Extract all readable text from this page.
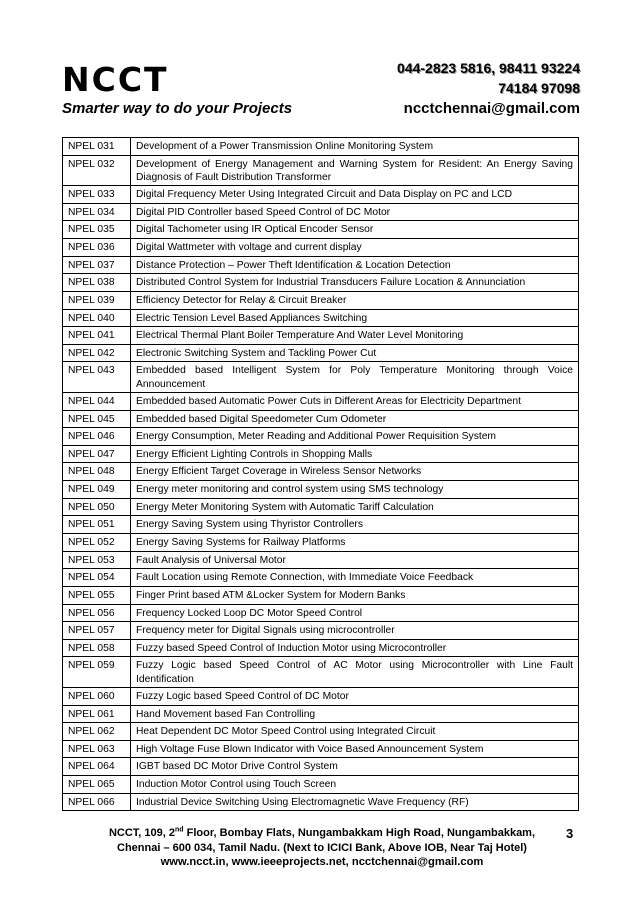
NCCT
Smarter way to do your Projects
044-2823 5816, 98411 93224
74184 97098
ncctchennai@gmail.com
NPEL 031	Development of a Power Transmission Online Monitoring System
NPEL 032	Development of Energy Management and Warning System for Resident: An Energy Saving Diagnosis of Fault Distribution Transformer
NPEL 033	Digital Frequency Meter Using Integrated Circuit and Data Display on PC and LCD
NPEL 034	Digital PID Controller based Speed Control of DC Motor
NPEL 035	Digital Tachometer using IR Optical Encoder Sensor
NPEL 036	Digital Wattmeter with voltage and current display
NPEL 037	Distance Protection – Power Theft Identification & Location Detection
NPEL 038	Distributed Control System for Industrial Transducers Failure Location & Annunciation
NPEL 039	Efficiency Detector for Relay & Circuit Breaker
NPEL 040	Electric Tension Level Based Appliances Switching
NPEL 041	Electrical Thermal Plant Boiler Temperature And Water Level Monitoring
NPEL 042	Electronic Switching System and Tackling Power Cut
NPEL 043	Embedded based Intelligent System for Poly Temperature Monitoring through Voice Announcement
NPEL 044	Embedded based Automatic Power Cuts in Different Areas for Electricity Department
NPEL 045	Embedded based Digital Speedometer Cum Odometer
NPEL 046	Energy Consumption, Meter Reading and Additional Power Requisition System
NPEL 047	Energy Efficient Lighting Controls in Shopping Malls
NPEL 048	Energy Efficient Target Coverage in Wireless Sensor Networks
NPEL 049	Energy meter monitoring and control system using SMS technology
NPEL 050	Energy Meter Monitoring System with Automatic Tariff Calculation
NPEL 051	Energy Saving System using Thyristor Controllers
NPEL 052	Energy Saving Systems for Railway Platforms
NPEL 053	Fault Analysis of Universal Motor
NPEL 054	Fault Location using Remote Connection, with Immediate Voice Feedback
NPEL 055	Finger Print based ATM &Locker System for Modern Banks
NPEL 056	Frequency Locked Loop DC Motor Speed Control
NPEL 057	Frequency meter for Digital Signals using microcontroller
NPEL 058	Fuzzy based Speed Control of Induction Motor using Microcontroller
NPEL 059	Fuzzy Logic based Speed Control of AC Motor using Microcontroller with Line Fault Identification
NPEL 060	Fuzzy Logic based Speed Control of DC Motor
NPEL 061	Hand Movement based Fan Controlling
NPEL 062	Heat Dependent DC Motor Speed Control using Integrated Circuit
NPEL 063	High Voltage Fuse Blown Indicator with Voice Based Announcement System
NPEL 064	IGBT based DC Motor Drive Control System
NPEL 065	Induction Motor Control using Touch Screen
NPEL 066	Industrial Device Switching Using Electromagnetic Wave Frequency (RF)
NCCT, 109, 2nd Floor, Bombay Flats, Nungambakkam High Road, Nungambakkam,
Chennai – 600 034, Tamil Nadu. (Next to ICICI Bank, Above IOB, Near Taj Hotel)
www.ncct.in, www.ieeeprojects.net, ncctchennai@gmail.com
3
